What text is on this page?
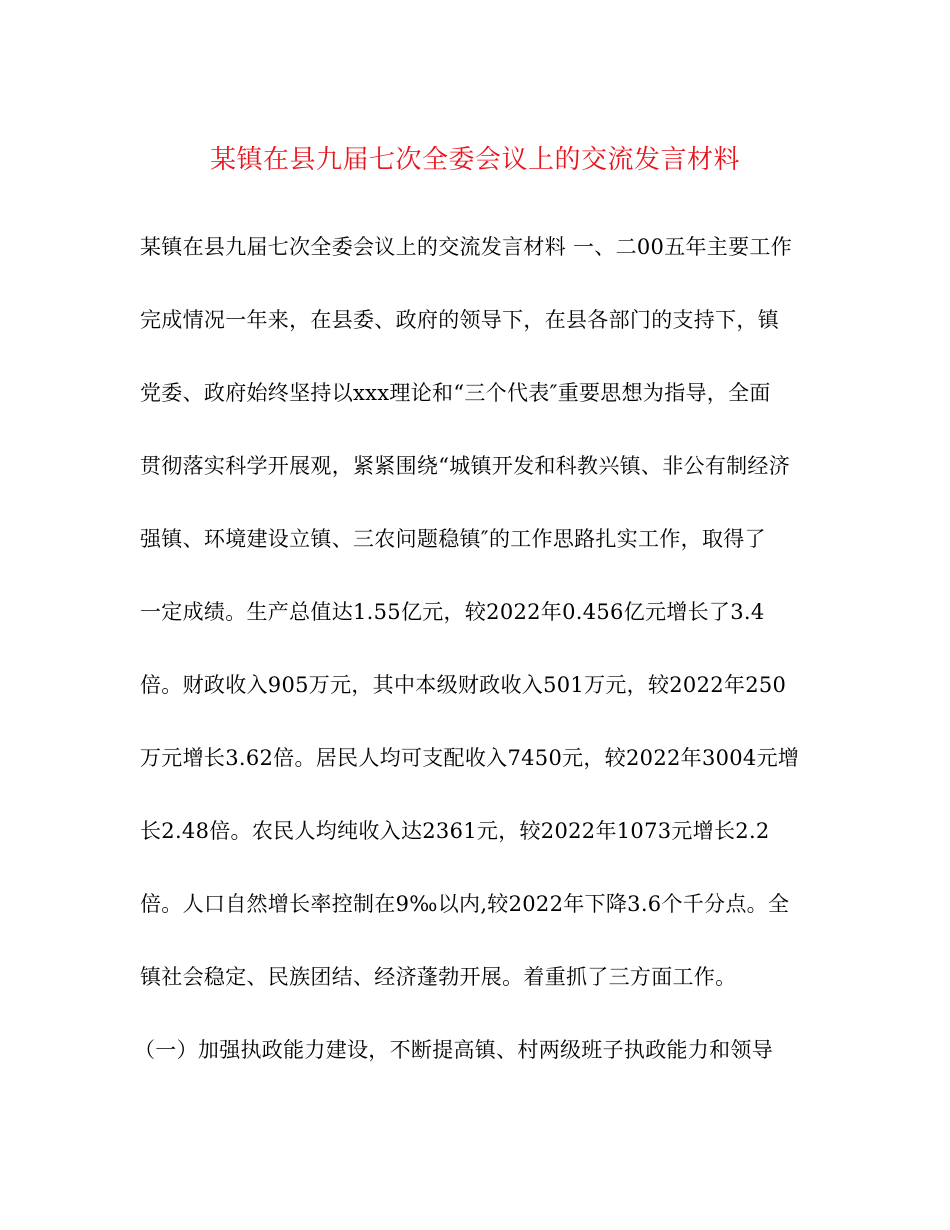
某镇在县九届七次全委会议上的交流发言材料
某镇在县九届七次全委会议上的交流发言材料 一、二00五年主要工作
完成情况一年来，在县委、政府的领导下，在县各部门的支持下，镇
党委、政府始终坚持以xxx理论和“三个代表″重要思想为指导，全面
贯彻落实科学开展观，紧紧围绕“城镇开发和科教兴镇、非公有制经济
强镇、环境建设立镇、三农问题稳镇″的工作思路扎实工作，取得了
一定成绩。生产总值达1.55亿元，较2022年0.456亿元增长了3.4
倍。财政收入905万元，其中本级财政收入501万元，较2022年250
万元增长3.62倍。居民人均可支配收入7450元，较2022年3004元增
长2.48倍。农民人均纯收入达2361元，较2022年1073元增长2.2
倍。人口自然增长率控制在9‰以内,较2022年下降3.6个千分点。全
镇社会稳定、民族团结、经济蓬勃开展。着重抓了三方面工作。
（一）加强执政能力建设，不断提高镇、村两级班子执政能力和领导
